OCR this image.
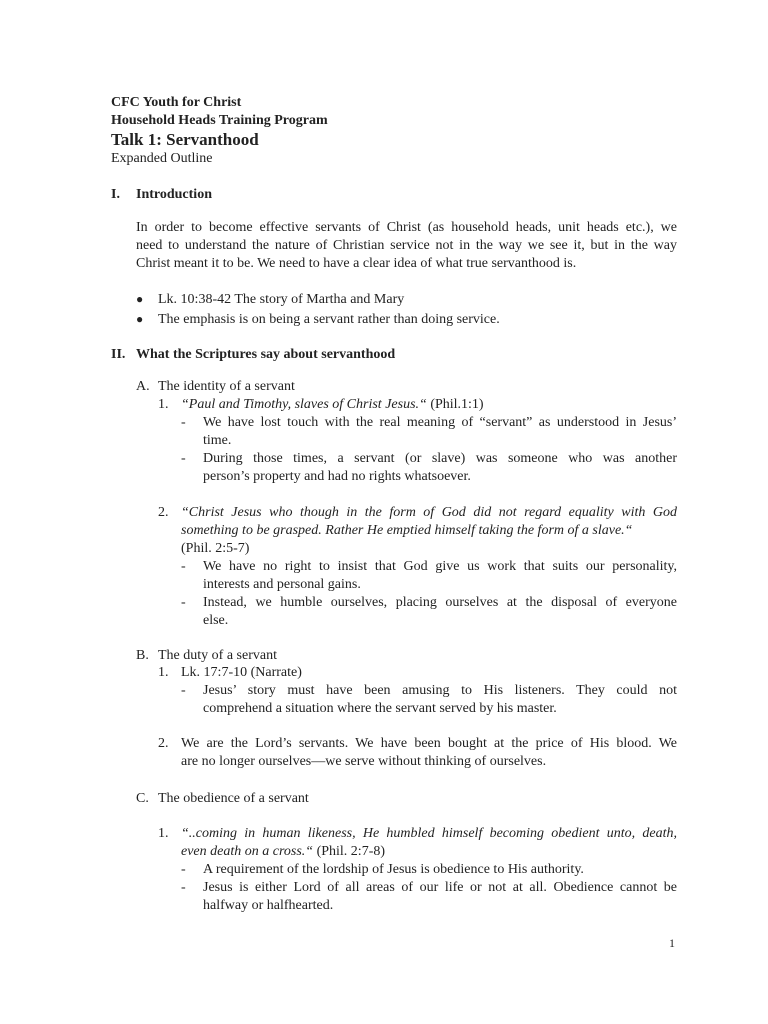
CFC Youth for Christ
Household Heads Training Program
Talk 1: Servanthood
Expanded Outline
I. Introduction
In order to become effective servants of Christ (as household heads, unit heads etc.), we
need to understand the nature of Christian service not in the way we see it, but in the way
Christ meant it to be. We need to have a clear idea of what true servanthood is.
● Lk. 10:38-42 The story of Martha and Mary
● The emphasis is on being a servant rather than doing service.
II. What the Scriptures say about servanthood
A. The identity of a servant
1. “Paul and Timothy, slaves of Christ Jesus.“ (Phil.1:1)
- We have lost touch with the real meaning of “servant” as understood in Jesus’
time.
- During those times, a servant (or slave) was someone who was another
person’s property and had no rights whatsoever.
2. “Christ Jesus who though in the form of God did not regard equality with God
something to be grasped. Rather He emptied himself taking the form of a slave.“
(Phil. 2:5-7)
- We have no right to insist that God give us work that suits our personality,
interests and personal gains.
- Instead, we humble ourselves, placing ourselves at the disposal of everyone
else.
B. The duty of a servant
1. Lk. 17:7-10 (Narrate)
- Jesus’ story must have been amusing to His listeners. They could not
comprehend a situation where the servant served by his master.
2. We are the Lord’s servants. We have been bought at the price of His blood. We
are no longer ourselves—we serve without thinking of ourselves.
C. The obedience of a servant
1. “..coming in human likeness, He humbled himself becoming obedient unto, death,
even death on a cross.“ (Phil. 2:7-8)
- A requirement of the lordship of Jesus is obedience to His authority.
- Jesus is either Lord of all areas of our life or not at all. Obedience cannot be
halfway or halfhearted.
1
